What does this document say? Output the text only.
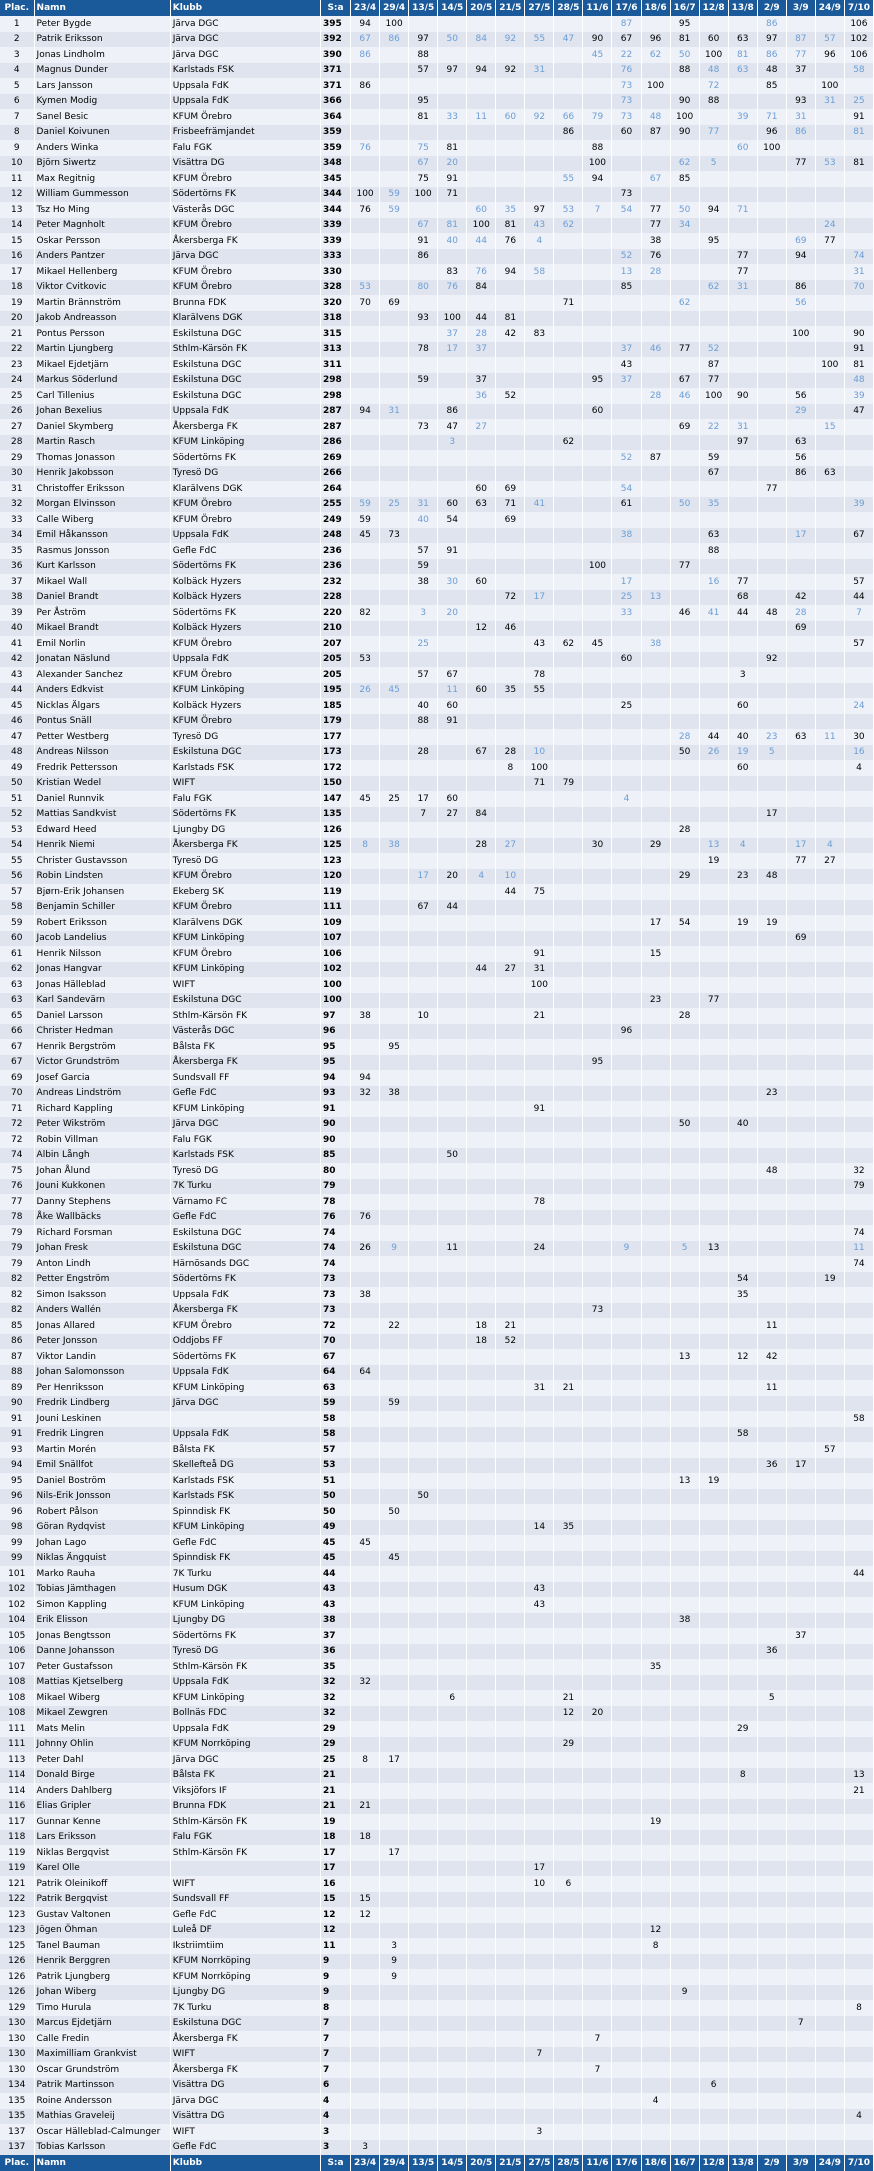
Plac.	Namn	Klubb	S:a	23/4	29/4	13/5	14/5	20/5	21/5	27/5	28/5	11/6	17/6	18/6	16/7	12/8	13/8	2/9	3/9	24/9	7/10
1	Peter Bygde	Järva DGC	395	94	100								87		95			86			106
2	Patrik Eriksson	Järva DGC	392	67	86	97	50	84	92	55	47	90	67	96	81	60	63	97	87	57	102
3	Jonas Lindholm	Järva DGC	390	86		88						45	22	62	50	100	81	86	77	96	106
4	Magnus Dunder	Karlstads FSK	371			57	97	94	92	31			76		88	48	63	48	37		58
5	Lars Jansson	Uppsala FdK	371	86									73	100		72		85		100	
6	Kymen Modig	Uppsala FdK	366			95							73		90	88			93	31	25
7	Sanel Besic	KFUM Örebro	364			81	33	11	60	92	66	79	73	48	100		39	71	31		91
8	Daniel Koivunen	Frisbeefrämjandet	359								86		60	87	90	77		96	86		81
9	Anders Winka	Falu FGK	359	76		75	81					88					60	100			
10	Björn Siwertz	Visättra DG	348			67	20					100			62	5			77	53	81
11	Max Regitnig	KFUM Örebro	345			75	91				55	94		67	85						
12	William Gummesson	Södertörns FK	344	100	59	100	71						73								
13	Tsz Ho Ming	Västerås DGC	344	76	59			60	35	97	53	7	54	77	50	94	71				
14	Peter Magnholt	KFUM Örebro	339			67	81	100	81	43	62			77	34					24	
15	Oskar Persson	Åkersberga FK	339			91	40	44	76	4				38		95			69	77	
16	Anders Pantzer	Järva DGC	333			86							52	76			77		94		74
17	Mikael Hellenberg	KFUM Örebro	330				83	76	94	58			13	28			77				31
18	Viktor Cvitkovic	KFUM Örebro	328	53		80	76	84					85			62	31		86		70
19	Martin Brännström	Brunna FDK	320	70	69						71				62				56		
20	Jakob Andreasson	Klarälvens DGK	318			93	100	44	81												
21	Pontus Persson	Eskilstuna DGC	315				37	28	42	83									100		90
22	Martin Ljungberg	Sthlm-Kärsön FK	313			78	17	37					37	46	77	52					91
23	Mikael Ejdetjärn	Eskilstuna DGC	311										43			87				100	81
24	Markus Söderlund	Eskilstuna DGC	298			59		37				95	37		67	77					48
25	Carl Tillenius	Eskilstuna DGC	298					36	52					28	46	100	90		56		39
26	Johan Bexelius	Uppsala FdK	287	94	31		86					60							29		47
27	Daniel Skymberg	Åkersberga FK	287			73	47	27							69	22	31			15	
28	Martin Rasch	KFUM Linköping	286				3				62						97		63		
29	Thomas Jonasson	Södertörns FK	269										52	87		59			56		
30	Henrik Jakobsson	Tyresö DG	266													67			86	63	
31	Christoffer Eriksson	Klarälvens DGK	264					60	69				54					77			
32	Morgan Elvinsson	KFUM Örebro	255	59	25	31	60	63	71	41			61		50	35					39
33	Calle Wiberg	KFUM Örebro	249	59		40	54		69												
34	Emil Håkansson	Uppsala FdK	248	45	73								38			63			17		67
35	Rasmus Jonsson	Gefle FdC	236			57	91									88					
36	Kurt Karlsson	Södertörns FK	236			59						100			77						
37	Mikael Wall	Kolbäck Hyzers	232			38	30	60					17			16	77				57
38	Daniel Brandt	Kolbäck Hyzers	228						72	17			25	13			68		42		44
39	Per Åström	Södertörns FK	220	82		3	20						33		46	41	44	48	28		7
40	Mikael Brandt	Kolbäck Hyzers	210					12	46										69		
41	Emil Norlin	KFUM Örebro	207			25				43	62	45		38							57
42	Jonatan Näslund	Uppsala FdK	205	53									60					92			
43	Alexander Sanchez	KFUM Örebro	205			57	67			78							3				
44	Anders Edkvist	KFUM Linköping	195	26	45		11	60	35	55											
45	Nicklas Älgars	Kolbäck Hyzers	185			40	60						25				60				24
46	Pontus Snäll	KFUM Örebro	179			88	91														
47	Petter Westberg	Tyresö DG	177												28	44	40	23	63	11	30
48	Andreas Nilsson	Eskilstuna DGC	173			28		67	28	10					50	26	19	5			16
49	Fredrik Pettersson	Karlstads FSK	172						8	100							60				4
50	Kristian Wedel	WIFT	150							71	79										
51	Daniel Runnvik	Falu FGK	147	45	25	17	60						4								
52	Mattias Sandkvist	Södertörns FK	135			7	27	84										17			
53	Edward Heed	Ljungby DG	126												28						
54	Henrik Niemi	Åkersberga FK	125	8	38			28	27			30		29		13	4		17	4	
55	Christer Gustavsson	Tyresö DG	123													19			77	27	
56	Robin Lindsten	KFUM Örebro	120			17	20	4	10						29		23	48			
57	Bjørn-Erik Johansen	Ekeberg SK	119						44	75											
58	Benjamin Schiller	KFUM Örebro	111			67	44														
59	Robert Eriksson	Klarälvens DGK	109											17	54		19	19			
60	Jacob Landelius	KFUM Linköping	107																69		
61	Henrik Nilsson	KFUM Örebro	106							91				15							
62	Jonas Hangvar	KFUM Linköping	102					44	27	31											
63	Jonas Hälleblad	WIFT	100							100											
63	Karl Sandevärn	Eskilstuna DGC	100											23		77					
65	Daniel Larsson	Sthlm-Kärsön FK	97	38		10				21					28						
66	Christer Hedman	Västerås DGC	96										96								
67	Henrik Bergström	Bålsta FK	95		95																
67	Victor Grundström	Åkersberga FK	95									95									
69	Josef Garcia	Sundsvall FF	94	94																	
70	Andreas Lindström	Gefle FdC	93	32	38													23			
71	Richard Kappling	KFUM Linköping	91							91											
72	Peter Wikström	Järva DGC	90												50		40				
72	Robin Villman	Falu FGK	90																		
74	Albin Långh	Karlstads FSK	85				50														
75	Johan Ålund	Tyresö DG	80															48			32
76	Jouni Kukkonen	7K Turku	79																		79
77	Danny Stephens	Värnamo FC	78							78											
78	Åke Wallbäcks	Gefle FdC	76	76																	
79	Richard Forsman	Eskilstuna DGC	74																		74
79	Johan Fresk	Eskilstuna DGC	74	26	9		11			24			9		5	13					11
79	Anton Lindh	Härnösands DGC	74																		74
82	Petter Engström	Södertörns FK	73														54			19	
82	Simon Isaksson	Uppsala FdK	73	38													35				
82	Anders Wallén	Åkersberga FK	73									73									
85	Jonas Allared	KFUM Örebro	72		22			18	21									11			
86	Peter Jonsson	Oddjobs FF	70					18	52												
87	Viktor Landin	Södertörns FK	67												13		12	42			
88	Johan Salomonsson	Uppsala FdK	64	64																	
89	Per Henriksson	KFUM Linköping	63							31	21							11			
90	Fredrik Lindberg	Järva DGC	59		59																
91	Jouni Leskinen		58																		58
91	Fredrik Lingren	Uppsala FdK	58														58				
93	Martin Morén	Bålsta FK	57																	57	
94	Emil Snällfot	Skellefteå DG	53															36	17		
95	Daniel Boström	Karlstads FSK	51												13	19					
96	Nils-Erik Jonsson	Karlstads FSK	50			50															
96	Robert Pålson	Spinndisk FK	50		50																
98	Göran Rydqvist	KFUM Linköping	49							14	35										
99	Johan Lago	Gefle FdC	45	45																	
99	Niklas Ängquist	Spinndisk FK	45		45																
101	Marko Rauha	7K Turku	44																		44
102	Tobias Jämthagen	Husum DGK	43							43											
102	Simon Kappling	KFUM Linköping	43							43											
104	Erik Elisson	Ljungby DG	38												38						
105	Jonas Bengtsson	Södertörns FK	37																37		
106	Danne Johansson	Tyresö DG	36															36			
107	Peter Gustafsson	Sthlm-Kärsön FK	35											35							
108	Mattias Kjetselberg	Uppsala FdK	32	32																	
108	Mikael Wiberg	KFUM Linköping	32				6				21							5			
108	Mikael Zewgren	Bollnäs FDC	32								12	20									
111	Mats Melin	Uppsala FdK	29														29				
111	Johnny Ohlin	KFUM Norrköping	29								29										
113	Peter Dahl	Järva DGC	25	8	17																
114	Donald Birge	Bålsta FK	21														8				13
114	Anders Dahlberg	Viksjöfors IF	21																		21
116	Elias Gripler	Brunna FDK	21	21																	
117	Gunnar Kenne	Sthlm-Kärsön FK	19											19							
118	Lars Eriksson	Falu FGK	18	18																	
119	Niklas Bergqvist	Sthlm-Kärsön FK	17		17																
119	Karel Olle		17							17											
121	Patrik Oleinikoff	WIFT	16							10	6										
122	Patrik Bergqvist	Sundsvall FF	15	15																	
123	Gustav Valtonen	Gefle FdC	12	12																	
123	Jögen Öhman	Luleå DF	12											12							
125	Tanel Bauman	Ikstriimtiim	11		3									8							
126	Henrik Berggren	KFUM Norrköping	9		9																
126	Patrik Ljungberg	KFUM Norrköping	9		9																
126	Johan Wiberg	Ljungby DG	9												9						
129	Timo Hurula	7K Turku	8																		8
130	Marcus Ejdetjärn	Eskilstuna DGC	7																7		
130	Calle Fredin	Åkersberga FK	7									7									
130	Maximilliam Grankvist	WIFT	7							7											
130	Oscar Grundström	Åkersberga FK	7									7									
134	Patrik Martinsson	Visättra DG	6													6					
135	Roine Andersson	Järva DGC	4											4							
135	Mathias Graveleij	Visättra DG	4																		4
137	Oscar Hälleblad-Calmunger	WIFT	3							3											
137	Tobias Karlsson	Gefle FdC	3	3																	
Plac.	Namn	Klubb	S:a	23/4	29/4	13/5	14/5	20/5	21/5	27/5	28/5	11/6	17/6	18/6	16/7	12/8	13/8	2/9	3/9	24/9	7/10
